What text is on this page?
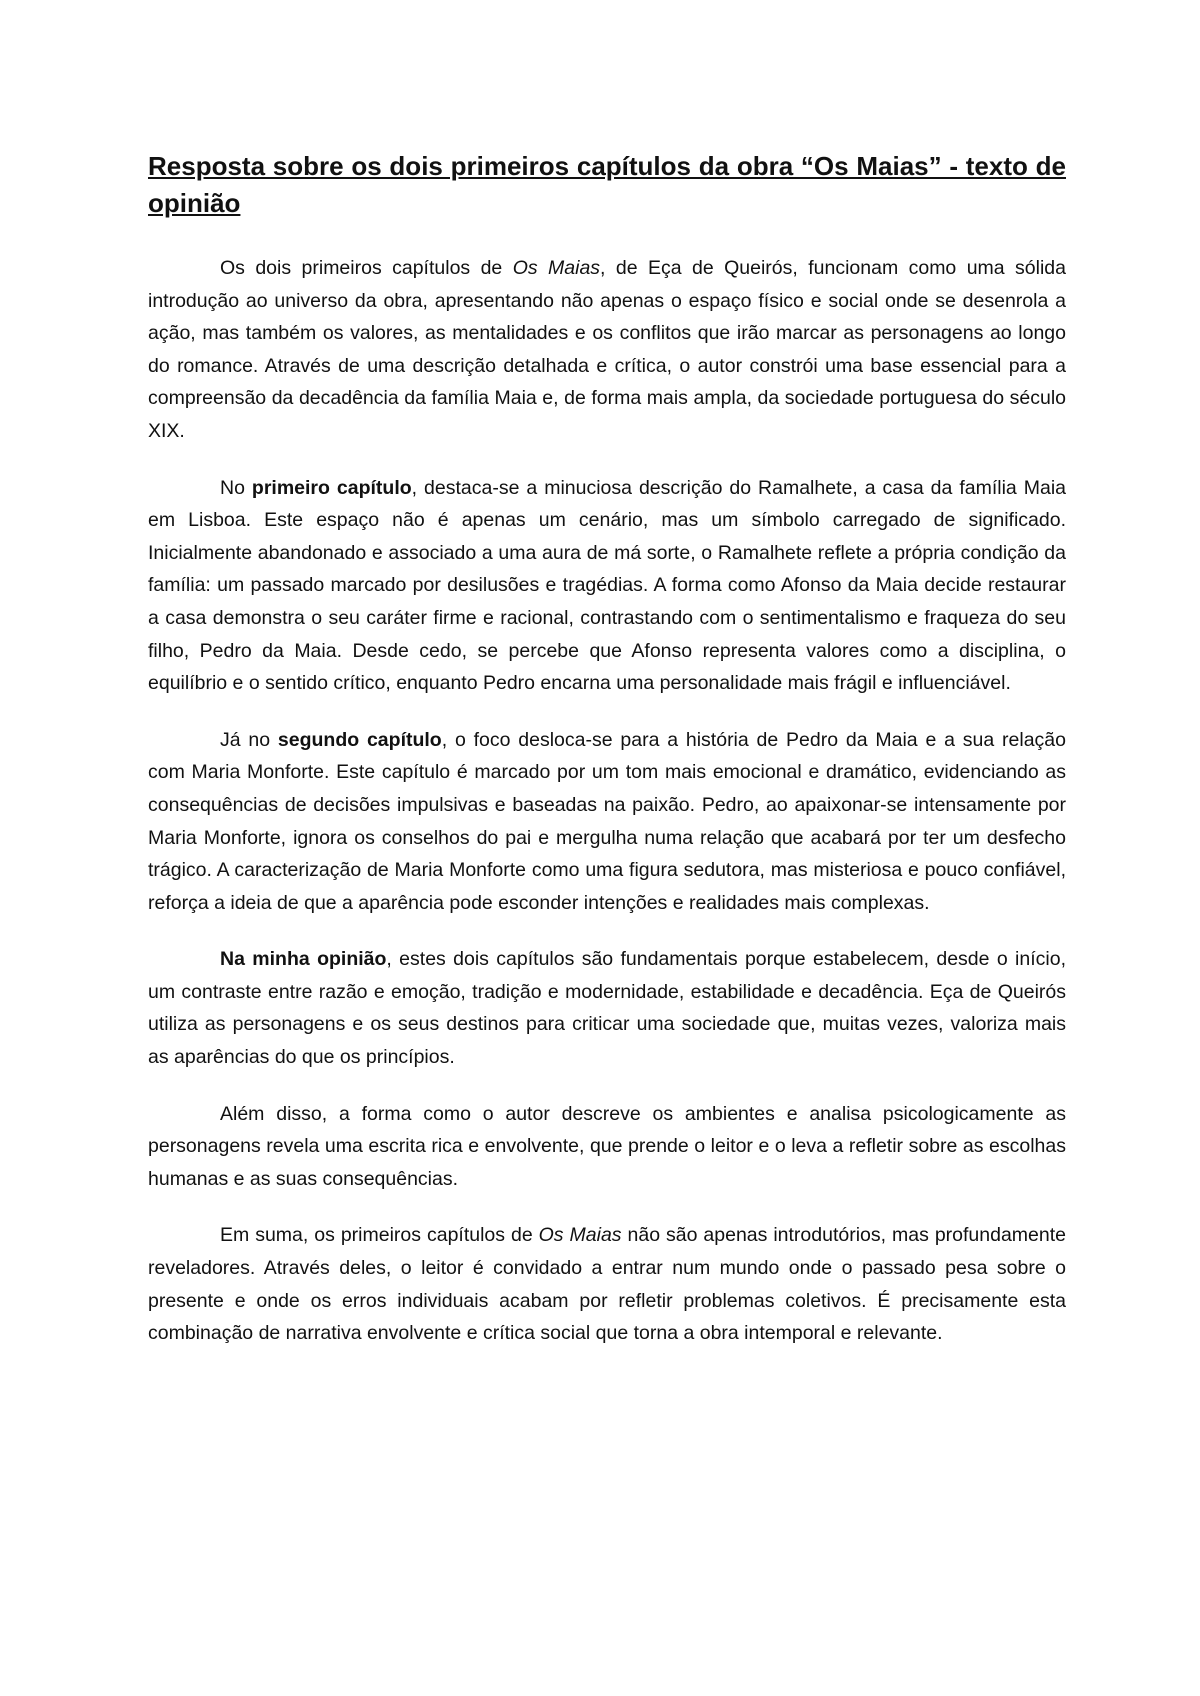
Resposta sobre os dois primeiros capítulos da obra “Os Maias” - texto de opinião

Os dois primeiros capítulos de Os Maias, de Eça de Queirós, funcionam como uma sólida introdução ao universo da obra, apresentando não apenas o espaço físico e social onde se desenrola a ação, mas também os valores, as mentalidades e os conflitos que irão marcar as personagens ao longo do romance. Através de uma descrição detalhada e crítica, o autor constrói uma base essencial para a compreensão da decadência da família Maia e, de forma mais ampla, da sociedade portuguesa do século XIX.

No primeiro capítulo, destaca-se a minuciosa descrição do Ramalhete, a casa da família Maia em Lisboa. Este espaço não é apenas um cenário, mas um símbolo carregado de significado. Inicialmente abandonado e associado a uma aura de má sorte, o Ramalhete reflete a própria condição da família: um passado marcado por desilusões e tragédias. A forma como Afonso da Maia decide restaurar a casa demonstra o seu caráter firme e racional, contrastando com o sentimentalismo e fraqueza do seu filho, Pedro da Maia. Desde cedo, se percebe que Afonso representa valores como a disciplina, o equilíbrio e o sentido crítico, enquanto Pedro encarna uma personalidade mais frágil e influenciável.

Já no segundo capítulo, o foco desloca-se para a história de Pedro da Maia e a sua relação com Maria Monforte. Este capítulo é marcado por um tom mais emocional e dramático, evidenciando as consequências de decisões impulsivas e baseadas na paixão. Pedro, ao apaixonar-se intensamente por Maria Monforte, ignora os conselhos do pai e mergulha numa relação que acabará por ter um desfecho trágico. A caracterização de Maria Monforte como uma figura sedutora, mas misteriosa e pouco confiável, reforça a ideia de que a aparência pode esconder intenções e realidades mais complexas.

Na minha opinião, estes dois capítulos são fundamentais porque estabelecem, desde o início, um contraste entre razão e emoção, tradição e modernidade, estabilidade e decadência. Eça de Queirós utiliza as personagens e os seus destinos para criticar uma sociedade que, muitas vezes, valoriza mais as aparências do que os princípios.

Além disso, a forma como o autor descreve os ambientes e analisa psicologicamente as personagens revela uma escrita rica e envolvente, que prende o leitor e o leva a refletir sobre as escolhas humanas e as suas consequências.

Em suma, os primeiros capítulos de Os Maias não são apenas introdutórios, mas profundamente reveladores. Através deles, o leitor é convidado a entrar num mundo onde o passado pesa sobre o presente e onde os erros individuais acabam por refletir problemas coletivos. É precisamente esta combinação de narrativa envolvente e crítica social que torna a obra intemporal e relevante.
